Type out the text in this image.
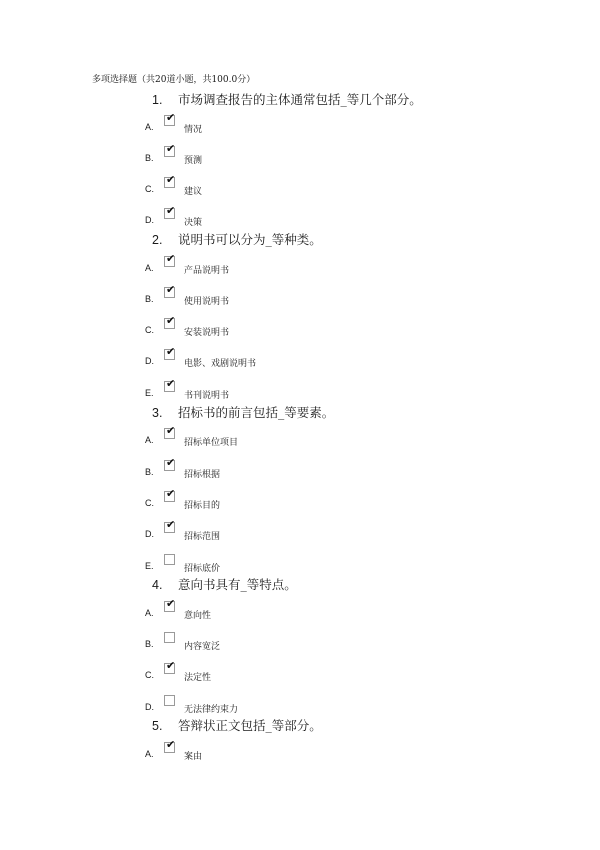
多项选择题（共20道小题，共100.0分）
1. 市场调查报告的主体通常包括_等几个部分。
A.
✔
情况
B.
✔
预测
C.
✔
建议
D.
✔
决策
2. 说明书可以分为_等种类。
A.
✔
产品说明书
B.
✔
使用说明书
C.
✔
安装说明书
D.
✔
电影、戏剧说明书
E.
✔
书刊说明书
3. 招标书的前言包括_等要素。
A.
✔
招标单位项目
B.
✔
招标根据
C.
✔
招标目的
D.
✔
招标范围
E.	招标底价
4. 意向书具有_等特点。
A.
✔
意向性
B.	内容宽泛
C.
✔
法定性
D.	无法律约束力
5. 答辩状正文包括_等部分。
A.
✔
案由
